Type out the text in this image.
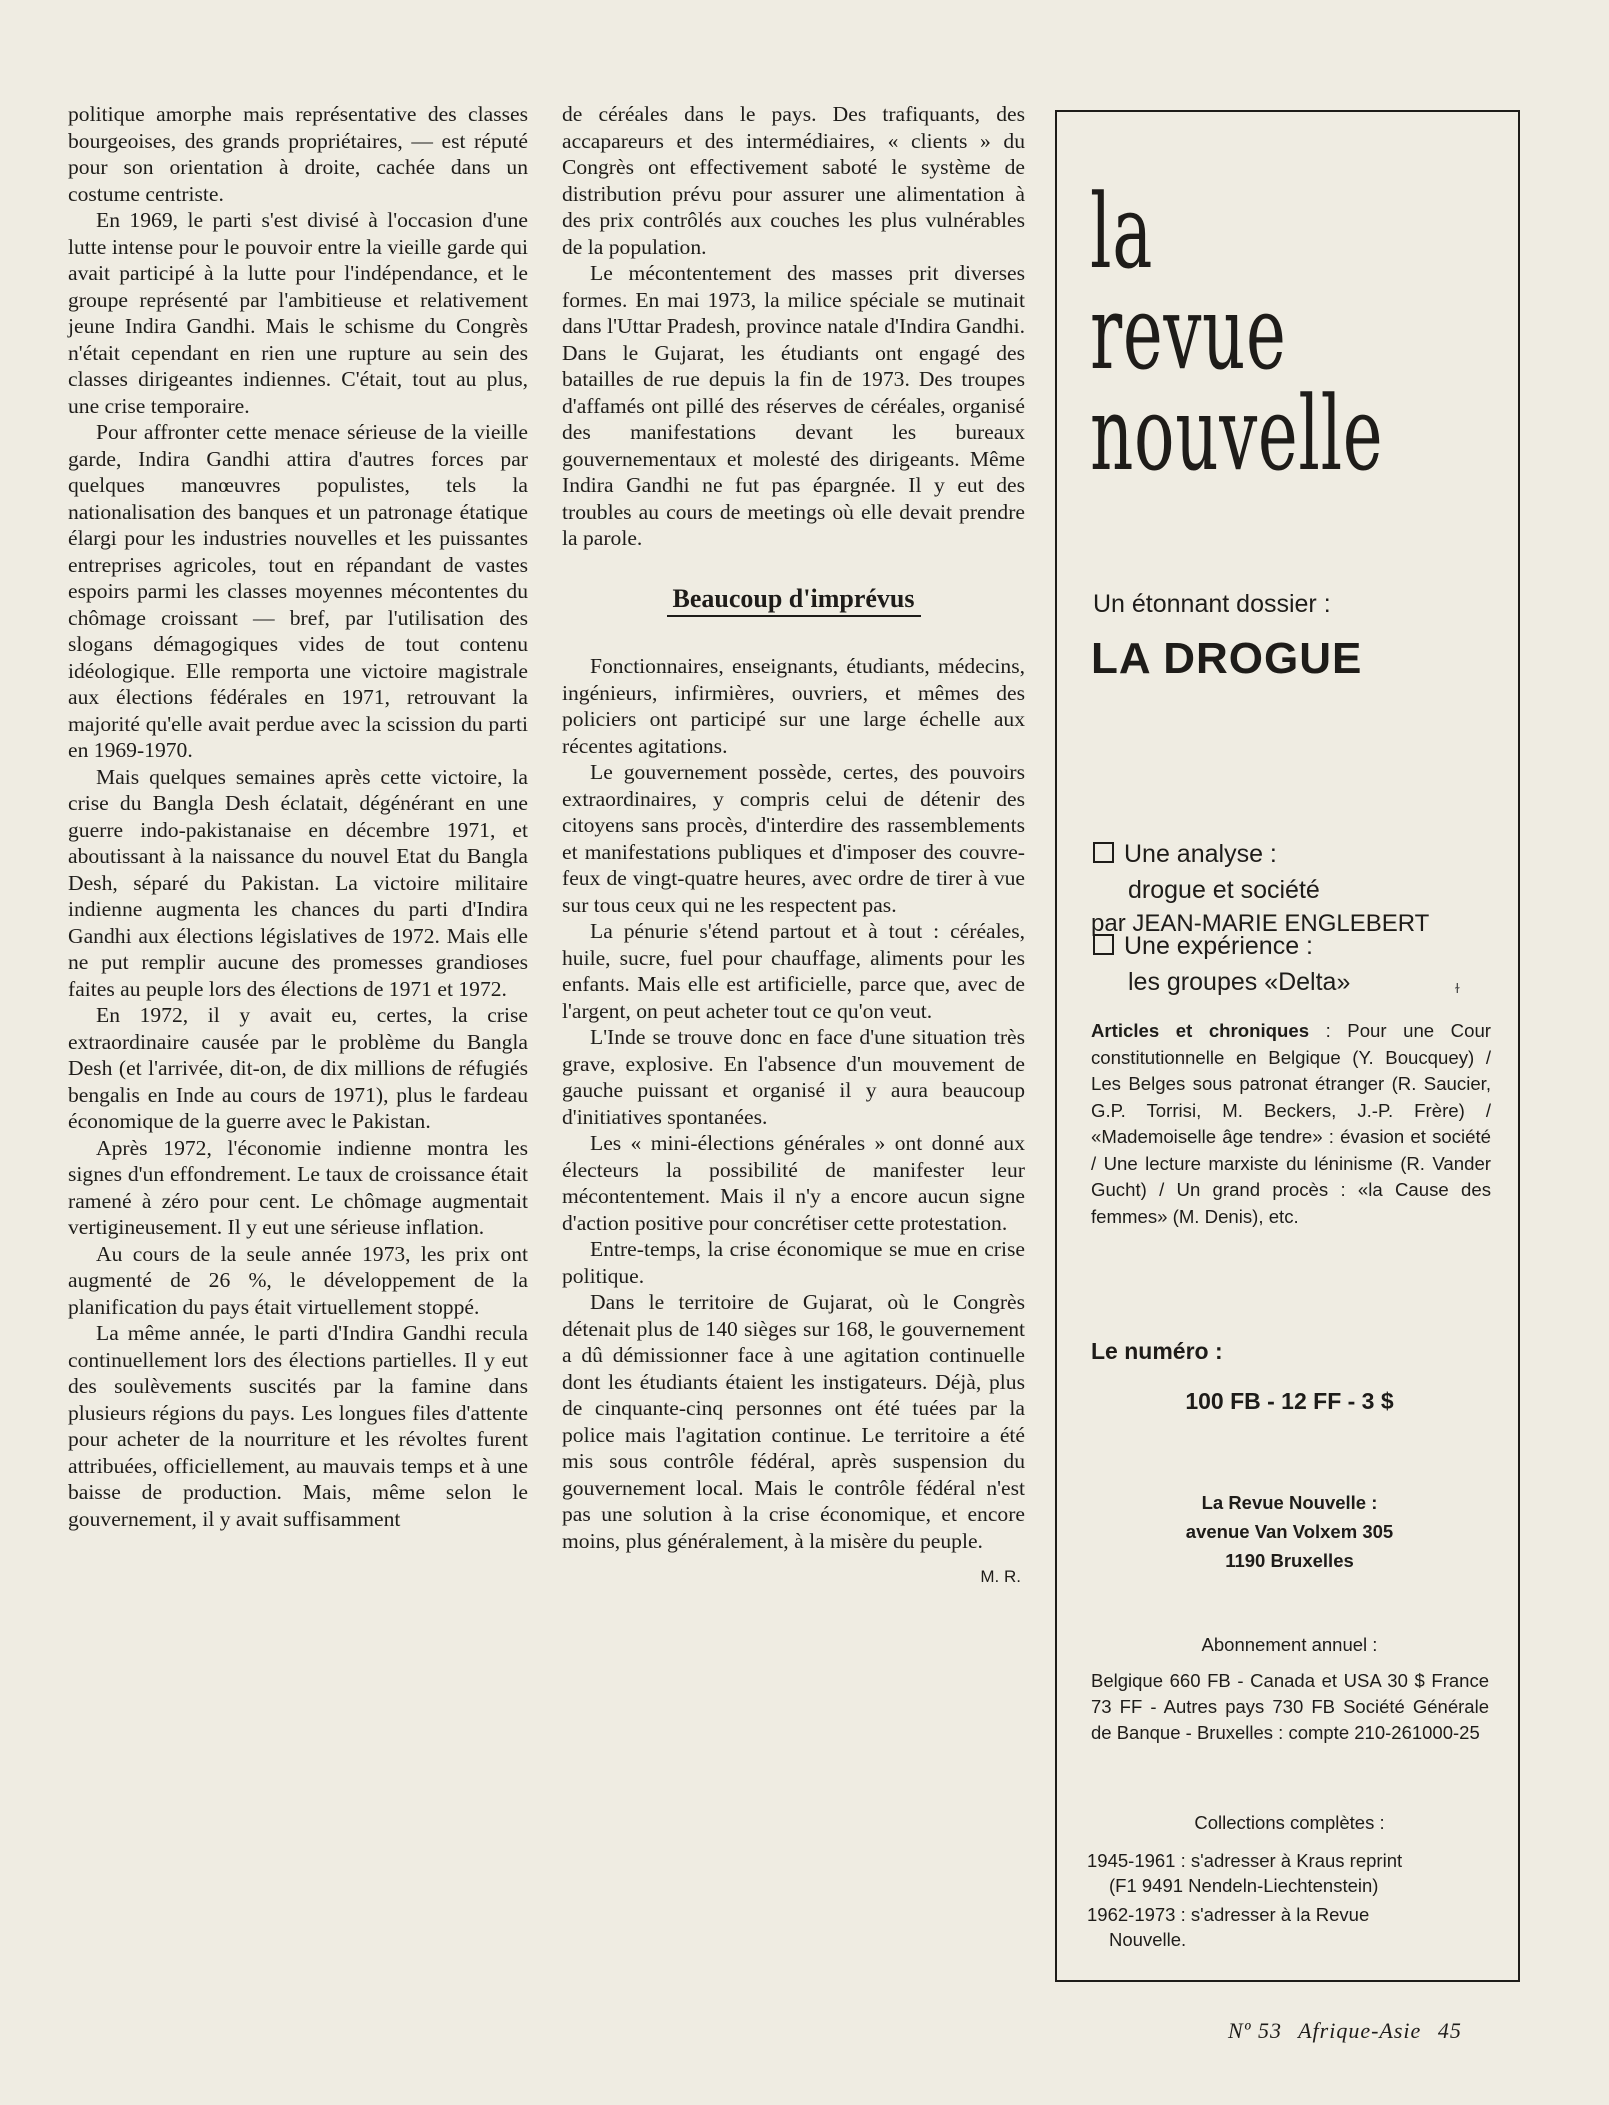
politique amorphe mais représentative des classes bourgeoises, des grands propriétaires, — est réputé pour son orientation à droite, cachée dans un costume centriste.

En 1969, le parti s'est divisé à l'occasion d'une lutte intense pour le pouvoir entre la vieille garde qui avait participé à la lutte pour l'indépendance, et le groupe représenté par l'ambitieuse et relativement jeune Indira Gandhi. Mais le schisme du Congrès n'était cependant en rien une rupture au sein des classes dirigeantes indiennes. C'était, tout au plus, une crise temporaire.

Pour affronter cette menace sérieuse de la vieille garde, Indira Gandhi attira d'autres forces par quelques manœuvres populistes, tels la nationalisation des banques et un patronage étatique élargi pour les industries nouvelles et les puissantes entreprises agricoles, tout en répandant de vastes espoirs parmi les classes moyennes mécontentes du chômage croissant — bref, par l'utilisation des slogans démagogiques vides de tout contenu idéologique. Elle remporta une victoire magistrale aux élections fédérales en 1971, retrouvant la majorité qu'elle avait perdue avec la scission du parti en 1969-1970.

Mais quelques semaines après cette victoire, la crise du Bangla Desh éclatait, dégénérant en une guerre indo-pakistanaise en décembre 1971, et aboutissant à la naissance du nouvel Etat du Bangla Desh, séparé du Pakistan. La victoire militaire indienne augmenta les chances du parti d'Indira Gandhi aux élections législatives de 1972. Mais elle ne put remplir aucune des promesses grandioses faites au peuple lors des élections de 1971 et 1972.

En 1972, il y avait eu, certes, la crise extraordinaire causée par le problème du Bangla Desh (et l'arrivée, dit-on, de dix millions de réfugiés bengalis en Inde au cours de 1971), plus le fardeau économique de la guerre avec le Pakistan.

Après 1972, l'économie indienne montra les signes d'un effondrement. Le taux de croissance était ramené à zéro pour cent. Le chômage augmentait vertigineusement. Il y eut une sérieuse inflation.

Au cours de la seule année 1973, les prix ont augmenté de 26 %, le développement de la planification du pays était virtuellement stoppé.

La même année, le parti d'Indira Gandhi recula continuellement lors des élections partielles. Il y eut des soulèvements suscités par la famine dans plusieurs régions du pays. Les longues files d'attente pour acheter de la nourriture et les révoltes furent attribuées, officiellement, au mauvais temps et à une baisse de production. Mais, même selon le gouvernement, il y avait suffisamment

de céréales dans le pays. Des trafiquants, des accapareurs et des intermédiaires, « clients » du Congrès ont effectivement saboté le système de distribution prévu pour assurer une alimentation à des prix contrôlés aux couches les plus vulnérables de la population.

Le mécontentement des masses prit diverses formes. En mai 1973, la milice spéciale se mutinait dans l'Uttar Pradesh, province natale d'Indira Gandhi. Dans le Gujarat, les étudiants ont engagé des batailles de rue depuis la fin de 1973. Des troupes d'affamés ont pillé des réserves de céréales, organisé des manifestations devant les bureaux gouvernementaux et molesté des dirigeants. Même Indira Gandhi ne fut pas épargnée. Il y eut des troubles au cours de meetings où elle devait prendre la parole.

Beaucoup d'imprévus

Fonctionnaires, enseignants, étudiants, médecins, ingénieurs, infirmières, ouvriers, et mêmes des policiers ont participé sur une large échelle aux récentes agitations.

Le gouvernement possède, certes, des pouvoirs extraordinaires, y compris celui de détenir des citoyens sans procès, d'interdire des rassemblements et manifestations publiques et d'imposer des couvre-feux de vingt-quatre heures, avec ordre de tirer à vue sur tous ceux qui ne les respectent pas.

La pénurie s'étend partout et à tout : céréales, huile, sucre, fuel pour chauffage, aliments pour les enfants. Mais elle est artificielle, parce que, avec de l'argent, on peut acheter tout ce qu'on veut.

L'Inde se trouve donc en face d'une situation très grave, explosive. En l'absence d'un mouvement de gauche puissant et organisé il y aura beaucoup d'initiatives spontanées.

Les « mini-élections générales » ont donné aux électeurs la possibilité de manifester leur mécontentement. Mais il n'y a encore aucun signe d'action positive pour concrétiser cette protestation.

Entre-temps, la crise économique se mue en crise politique.

Dans le territoire de Gujarat, où le Congrès détenait plus de 140 sièges sur 168, le gouvernement a dû démissionner face à une agitation continuelle dont les étudiants étaient les instigateurs. Déjà, plus de cinquante-cinq personnes ont été tuées par la police mais l'agitation continue. Le territoire a été mis sous contrôle fédéral, après suspension du gouvernement local. Mais le contrôle fédéral n'est pas une solution à la crise économique, et encore moins, plus généralement, à la misère du peuple.

M. R.
la
revue
nouvelle
Un étonnant dossier :
LA DROGUE
Une analyse :
drogue et société
Une expérience :
les groupes «Delta»
par JEAN-MARIE ENGLEBERT
ɫ
Articles et chroniques : Pour une Cour constitutionnelle en Belgique (Y. Boucquey) / Les Belges sous patronat étranger (R. Saucier, G.P. Torrisi, M. Beckers, J.-P. Frère) / «Mademoiselle âge tendre» : évasion et société / Une lecture marxiste du léninisme (R. Vander Gucht) / Un grand procès : «la Cause des femmes» (M. Denis), etc.
Le numéro :
100 FB - 12 FF - 3 $
La Revue Nouvelle :
avenue Van Volxem 305
1190 Bruxelles
Abonnement annuel :
Belgique 660 FB - Canada et USA 30 $ France 73 FF - Autres pays 730 FB Société Générale de Banque - Bruxelles : compte 210-261000-25
Collections complètes :
1945-1961 : s'adresser à Kraus reprint
(F1 9491 Nendeln-Liechtenstein)
1962-1973 : s'adresser à la Revue
Nouvelle.
Nº 53 Afrique-Asie 45
